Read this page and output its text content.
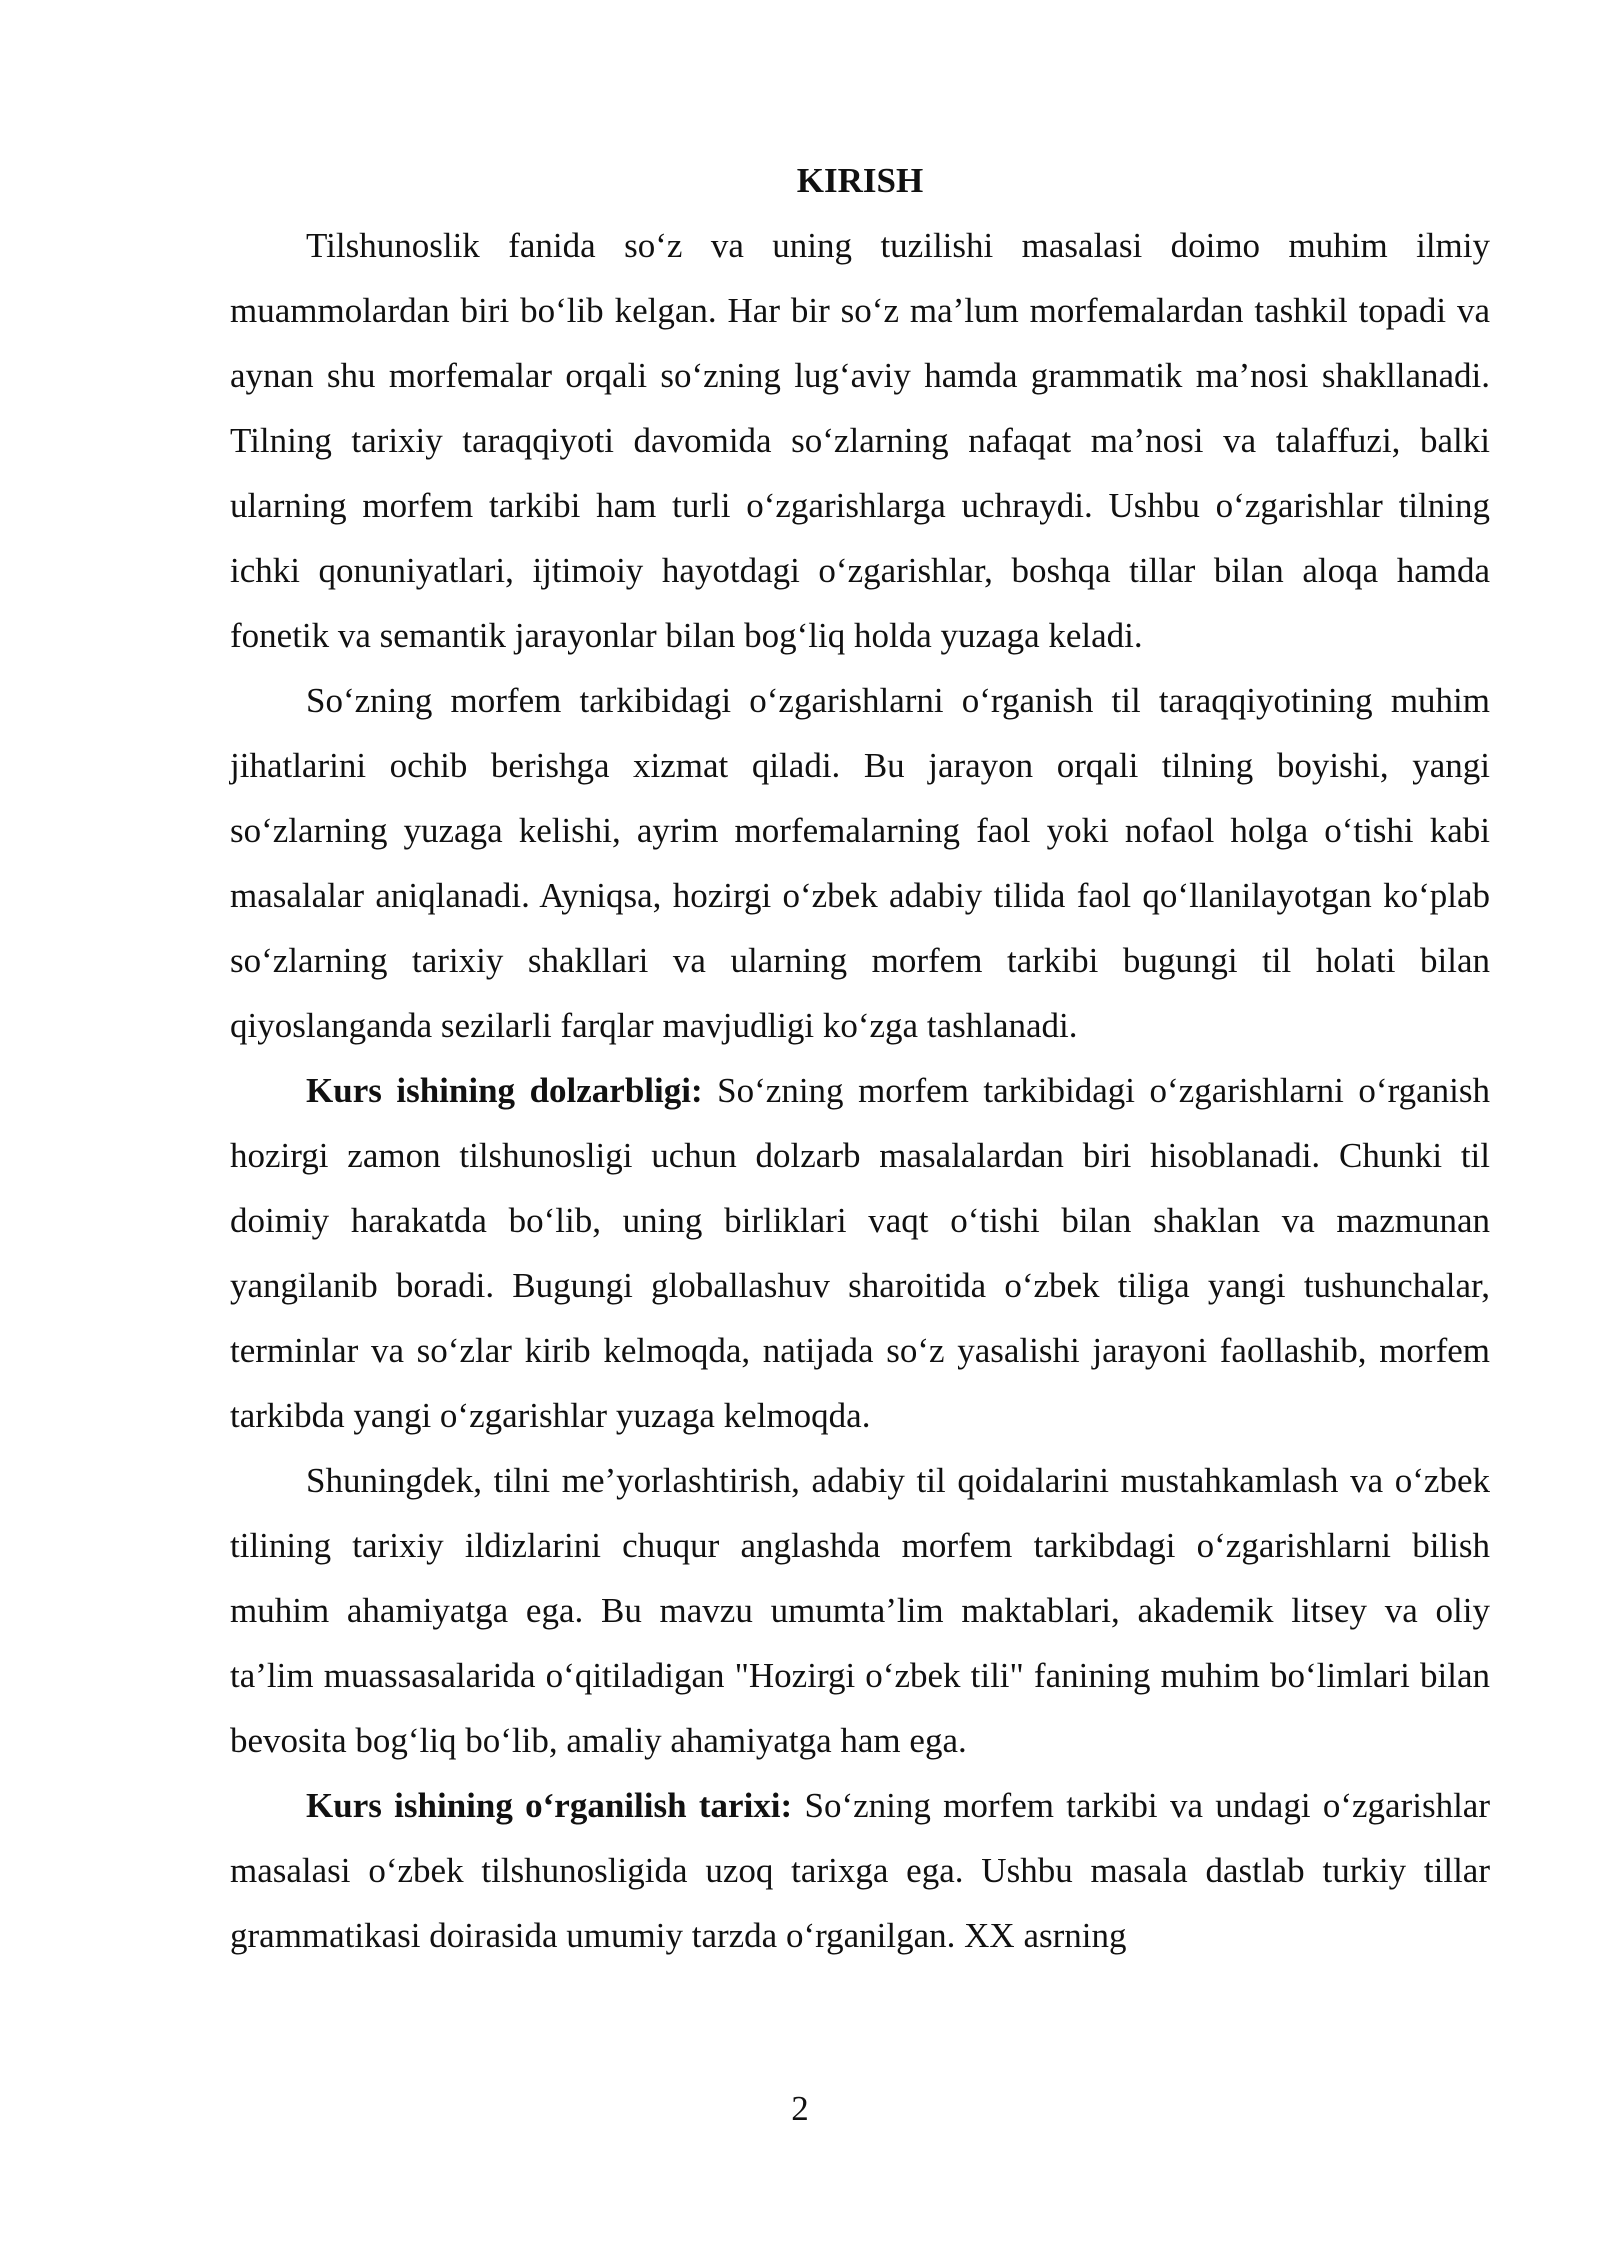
KIRISH

Tilshunoslik fanida so‘z va uning tuzilishi masalasi doimo muhim ilmiy muammolardan biri bo‘lib kelgan. Har bir so‘z ma’lum morfemalardan tashkil topadi va aynan shu morfemalar orqali so‘zning lug‘aviy hamda grammatik ma’nosi shakllanadi. Tilning tarixiy taraqqiyoti davomida so‘zlarning nafaqat ma’nosi va talaffuzi, balki ularning morfem tarkibi ham turli o‘zgarishlarga uchraydi. Ushbu o‘zgarishlar tilning ichki qonuniyatlari, ijtimoiy hayotdagi o‘zgarishlar, boshqa tillar bilan aloqa hamda fonetik va semantik jarayonlar bilan bog‘liq holda yuzaga keladi.

So‘zning morfem tarkibidagi o‘zgarishlarni o‘rganish til taraqqiyotining muhim jihatlarini ochib berishga xizmat qiladi. Bu jarayon orqali tilning boyishi, yangi so‘zlarning yuzaga kelishi, ayrim morfemalarning faol yoki nofaol holga o‘tishi kabi masalalar aniqlanadi. Ayniqsa, hozirgi o‘zbek adabiy tilida faol qo‘llanilayotgan ko‘plab so‘zlarning tarixiy shakllari va ularning morfem tarkibi bugungi til holati bilan qiyoslanganda sezilarli farqlar mavjudligi ko‘zga tashlanadi.

Kurs ishining dolzarbligi: So‘zning morfem tarkibidagi o‘zgarishlarni o‘rganish hozirgi zamon tilshunosligi uchun dolzarb masalalardan biri hisoblanadi. Chunki til doimiy harakatda bo‘lib, uning birliklari vaqt o‘tishi bilan shaklan va mazmunan yangilanib boradi. Bugungi globallashuv sharoitida o‘zbek tiliga yangi tushunchalar, terminlar va so‘zlar kirib kelmoqda, natijada so‘z yasalishi jarayoni faollashib, morfem tarkibda yangi o‘zgarishlar yuzaga kelmoqda.

Shuningdek, tilni me’yorlashtirish, adabiy til qoidalarini mustahkamlash va o‘zbek tilining tarixiy ildizlarini chuqur anglashda morfem tarkibdagi o‘zgarishlarni bilish muhim ahamiyatga ega. Bu mavzu umumta’lim maktablari, akademik litsey va oliy ta’lim muassasalarida o‘qitiladigan "Hozirgi o‘zbek tili" fanining muhim bo‘limlari bilan bevosita bog‘liq bo‘lib, amaliy ahamiyatga ham ega.

Kurs ishining o‘rganilish tarixi: So‘zning morfem tarkibi va undagi o‘zgarishlar masalasi o‘zbek tilshunosligida uzoq tarixga ega. Ushbu masala dastlab turkiy tillar grammatikasi doirasida umumiy tarzda o‘rganilgan. XX asrning

2
